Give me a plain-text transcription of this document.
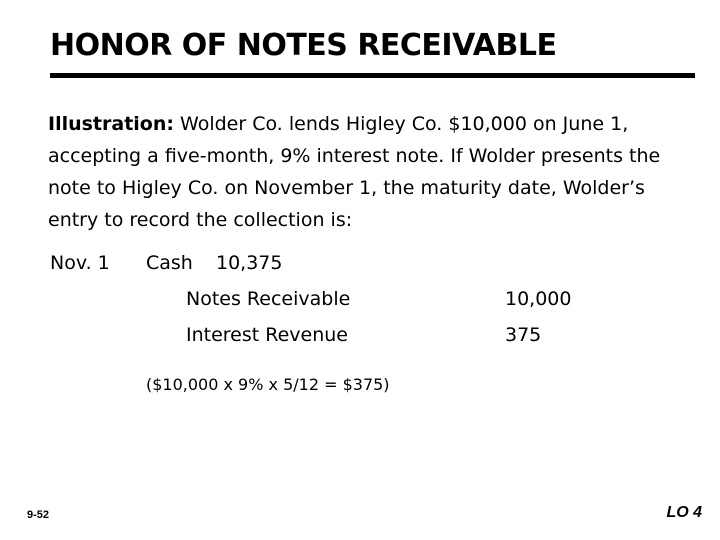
HONOR OF NOTES RECEIVABLE
Illustration: Wolder Co. lends Higley Co. $10,000 on June 1, accepting a five-month, 9% interest note. If Wolder presents the note to Higley Co. on November 1, the maturity date, Wolder’s entry to record the collection is:
Nov. 1 Cash 10,375
Notes Receivable	10,000
Interest Revenue	375
($10,000 x 9% x 5/12 = $375)
9-52	LO 4
